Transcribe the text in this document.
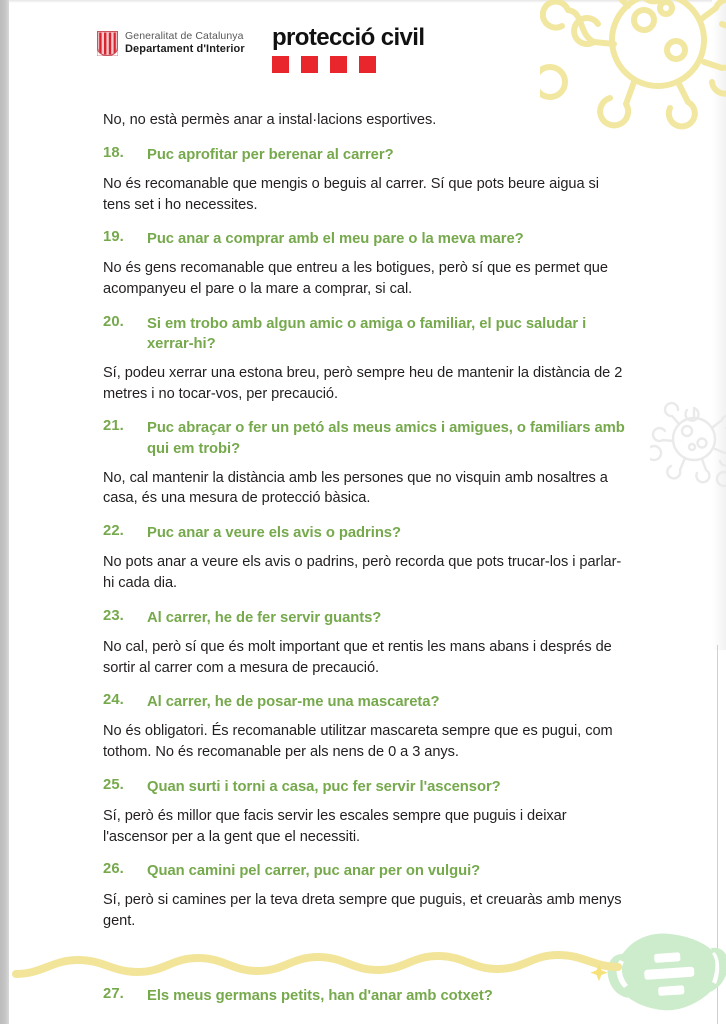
Generalitat de Catalunya
Departament d'Interior protecció civil

No, no està permès anar a instal·lacions esportives.

18.	Puc aprofitar per berenar al carrer?

No és recomanable que mengis o beguis al carrer. Sí que pots beure aigua si tens set i ho necessites.

19.	Puc anar a comprar amb el meu pare o la meva mare?

No és gens recomanable que entreu a les botigues, però sí que es permet que acompanyeu el pare o la mare a comprar, si cal.

20.	Si em trobo amb algun amic o amiga o familiar, el puc saludar i xerrar-hi?

Sí, podeu xerrar una estona breu, però sempre heu de mantenir la distància de 2 metres i no tocar-vos, per precaució.

21.	Puc abraçar o fer un petó als meus amics i amigues, o familiars amb qui em trobi?

No, cal mantenir la distància amb les persones que no visquin amb nosaltres a casa, és una mesura de protecció bàsica.

22.	Puc anar a veure els avis o padrins?

No pots anar a veure els avis o padrins, però recorda que pots trucar-los i parlar-hi cada dia.

23.	Al carrer, he de fer servir guants?

No cal, però sí que és molt important que et rentis les mans abans i després de sortir al carrer com a mesura de precaució.

24.	Al carrer, he de posar-me una mascareta?

No és obligatori. És recomanable utilitzar mascareta sempre que es pugui, com tothom. No és recomanable per als nens de 0 a 3 anys.

25.	Quan surti i torni a casa, puc fer servir l'ascensor?

Sí, però és millor que facis servir les escales sempre que puguis i deixar l'ascensor per a la gent que el necessiti.

26.	Quan camini pel carrer, puc anar per on vulgui?

Sí, però si camines per la teva dreta sempre que puguis, et creuaràs amb menys gent.

27.	Els meus germans petits, han d'anar amb cotxet?
